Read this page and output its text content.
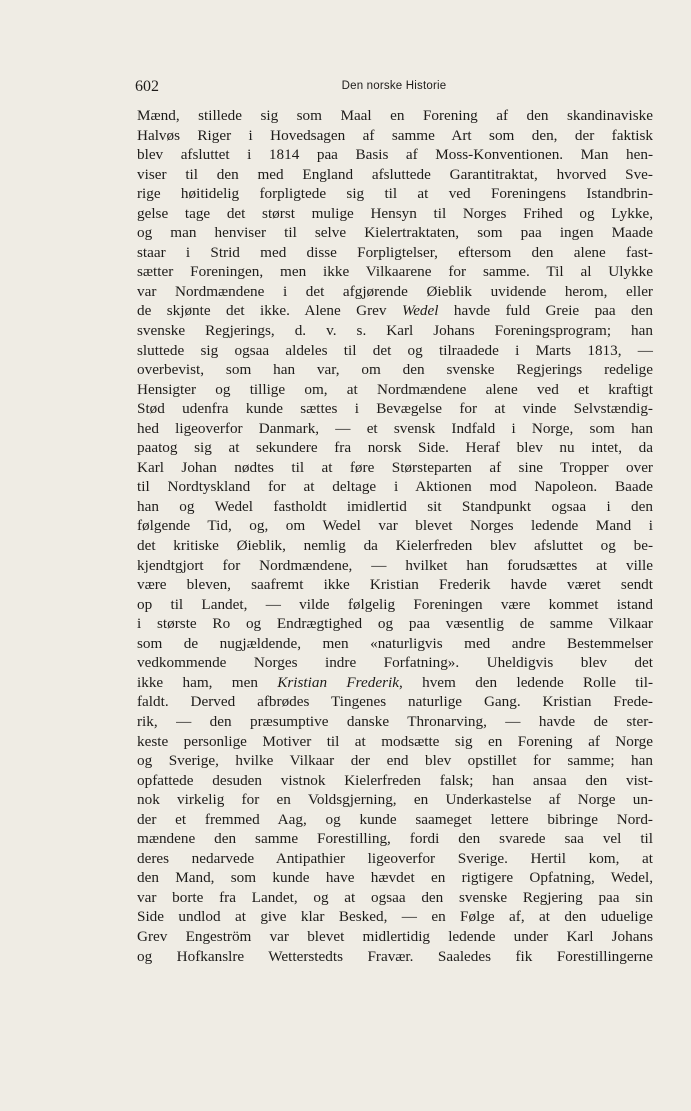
602	Den norske Historie
Mænd, stillede sig som Maal en Forening af den skandinaviske
Halvøs Riger i Hovedsagen af samme Art som den, der faktisk
blev afsluttet i 1814 paa Basis af Moss-Konventionen. Man hen-
viser til den med England afsluttede Garantitraktat, hvorved Sve-
rige høitidelig forpligtede sig til at ved Foreningens Istandbrin-
gelse tage det størst mulige Hensyn til Norges Frihed og Lykke,
og man henviser til selve Kielertraktaten, som paa ingen Maade
staar i Strid med disse Forpligtelser, eftersom den alene fast-
sætter Foreningen, men ikke Vilkaarene for samme. Til al Ulykke
var Nordmændene i det afgjørende Øieblik uvidende herom, eller
de skjønte det ikke. Alene Grev Wedel havde fuld Greie paa den
svenske Regjerings, d. v. s. Karl Johans Foreningsprogram; han
sluttede sig ogsaa aldeles til det og tilraadede i Marts 1813, —
overbevist, som han var, om den svenske Regjerings redelige
Hensigter og tillige om, at Nordmændene alene ved et kraftigt
Stød udenfra kunde sættes i Bevægelse for at vinde Selvstændig-
hed ligeoverfor Danmark, — et svensk Indfald i Norge, som han
paatog sig at sekundere fra norsk Side. Heraf blev nu intet, da
Karl Johan nødtes til at føre Størsteparten af sine Tropper over
til Nordtyskland for at deltage i Aktionen mod Napoleon. Baade
han og Wedel fastholdt imidlertid sit Standpunkt ogsaa i den
følgende Tid, og, om Wedel var blevet Norges ledende Mand i
det kritiske Øieblik, nemlig da Kielerfreden blev afsluttet og be-
kjendtgjort for Nordmændene, — hvilket han forudsættes at ville
være bleven, saafremt ikke Kristian Frederik havde været sendt
op til Landet, — vilde følgelig Foreningen være kommet istand
i største Ro og Endrægtighed og paa væsentlig de samme Vilkaar
som de nugjældende, men «naturligvis med andre Bestemmelser
vedkommende Norges indre Forfatning». Uheldigvis blev det
ikke ham, men Kristian Frederik, hvem den ledende Rolle til-
faldt. Derved afbrødes Tingenes naturlige Gang. Kristian Frede-
rik, — den præsumptive danske Thronarving, — havde de ster-
keste personlige Motiver til at modsætte sig en Forening af Norge
og Sverige, hvilke Vilkaar der end blev opstillet for samme; han
opfattede desuden vistnok Kielerfreden falsk; han ansaa den vist-
nok virkelig for en Voldsgjerning, en Underkastelse af Norge un-
der et fremmed Aag, og kunde saameget lettere bibringe Nord-
mændene den samme Forestilling, fordi den svarede saa vel til
deres nedarvede Antipathier ligeoverfor Sverige. Hertil kom, at
den Mand, som kunde have hævdet en rigtigere Opfatning, Wedel,
var borte fra Landet, og at ogsaa den svenske Regjering paa sin
Side undlod at give klar Besked, — en Følge af, at den uduelige
Grev Engeström var blevet midlertidig ledende under Karl Johans
og Hofkanslre Wetterstedts Fravær. Saaledes fik Forestillingerne
